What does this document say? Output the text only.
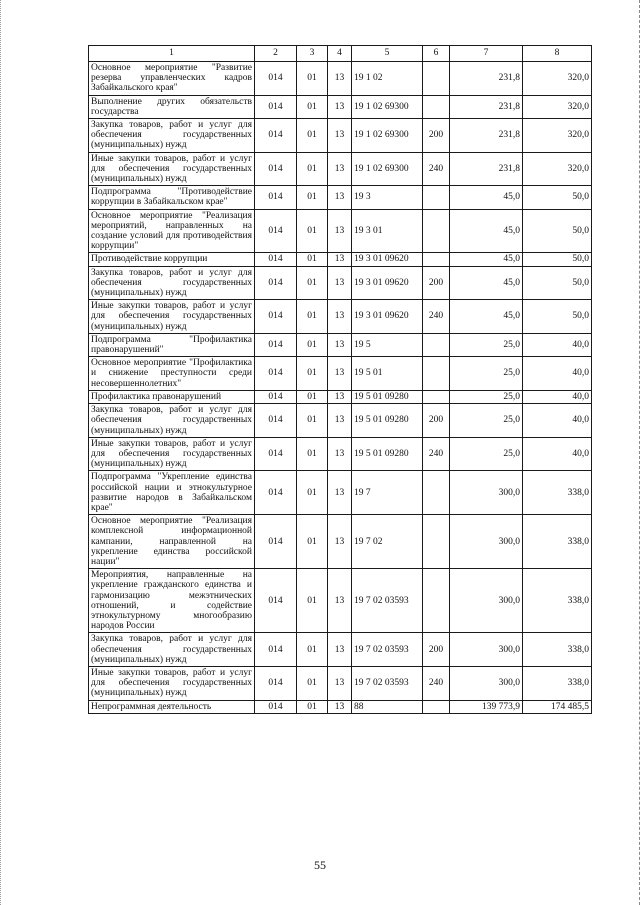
1	2	3	4	5	6	7	8
Основное мероприятие "Развитие резерва управленческих кадров Забайкальского края"	014	01	13	19 1 02		231,8	320,0
Выполнение других обязательств государства	014	01	13	19 1 02 69300		231,8	320,0
Закупка товаров, работ и услуг для обеспечения государственных (муниципальных) нужд	014	01	13	19 1 02 69300	200	231,8	320,0
Иные закупки товаров, работ и услуг для обеспечения государственных (муниципальных) нужд	014	01	13	19 1 02 69300	240	231,8	320,0
Подпрограмма "Противодействие коррупции в Забайкальском крае"	014	01	13	19 3		45,0	50,0
Основное мероприятие "Реализация мероприятий, направленных на создание условий для противодействия коррупции"	014	01	13	19 3 01		45,0	50,0
Противодействие коррупции	014	01	13	19 3 01 09620		45,0	50,0
Закупка товаров, работ и услуг для обеспечения государственных (муниципальных) нужд	014	01	13	19 3 01 09620	200	45,0	50,0
Иные закупки товаров, работ и услуг для обеспечения государственных (муниципальных) нужд	014	01	13	19 3 01 09620	240	45,0	50,0
Подпрограмма "Профилактика правонарушений"	014	01	13	19 5		25,0	40,0
Основное мероприятие "Профилактика и снижение преступности среди несовершеннолетних"	014	01	13	19 5 01		25,0	40,0
Профилактика правонарушений	014	01	13	19 5 01 09280		25,0	40,0
Закупка товаров, работ и услуг для обеспечения государственных (муниципальных) нужд	014	01	13	19 5 01 09280	200	25,0	40,0
Иные закупки товаров, работ и услуг для обеспечения государственных (муниципальных) нужд	014	01	13	19 5 01 09280	240	25,0	40,0
Подпрограмма "Укрепление единства российской нации и этнокультурное развитие народов в Забайкальском крае"	014	01	13	19 7		300,0	338,0
Основное мероприятие "Реализация комплексной информационной кампании, направленной на укрепление единства российской нации"	014	01	13	19 7 02		300,0	338,0
Мероприятия, направленные на укрепление гражданского единства и гармонизацию межэтнических отношений, и содействие этнокультурному многообразию народов России	014	01	13	19 7 02 03593		300,0	338,0
Закупка товаров, работ и услуг для обеспечения государственных (муниципальных) нужд	014	01	13	19 7 02 03593	200	300,0	338,0
Иные закупки товаров, работ и услуг для обеспечения государственных (муниципальных) нужд	014	01	13	19 7 02 03593	240	300,0	338,0
Непрограммная деятельность	014	01	13	88		139 773,9	174 485,5
55
